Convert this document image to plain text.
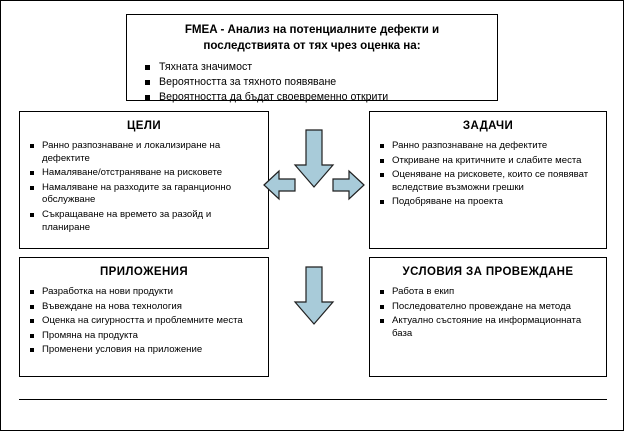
FMEA - Анализ на потенциалните дефекти и
последствията от тях чрез оценка на:
Тяхната значимост
Вероятността за тяхното появяване
Вероятността да бъдат своевременно открити
ЦЕЛИ
Ранно разпознаване и локализиране на дефектите
Намаляване/отстраняване на рисковете
Намаляване на разходите за гаранционно обслужване
Съкращаване на времето за разойд и планиране
ЗАДАЧИ
Ранно разпознаване на дефектите
Откриване на критичните и слабите места
Оценяване на рисковете, които се появяват вследствие възможни грешки
Подобряване на проекта
ПРИЛОЖЕНИЯ
Разработка на нови продукти
Въвеждане на нова технология
Оценка на сигурността и проблемните места
Промяна на продукта
Променени условия на приложение
УСЛОВИЯ ЗА ПРОВЕЖДАНЕ
Работа в екип
Последователно провеждане на метода
Актуално състояние на информационната база
